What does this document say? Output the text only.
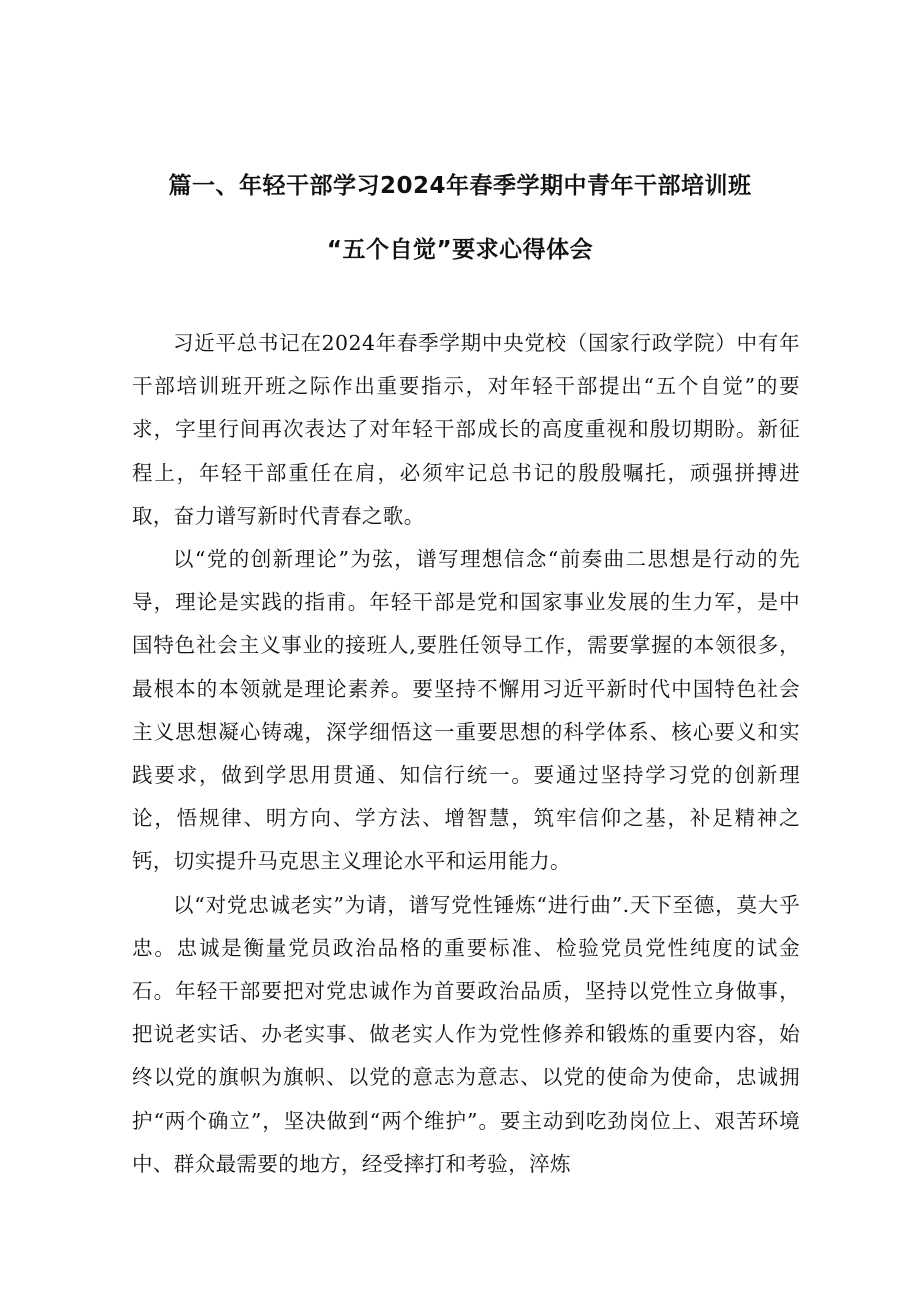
篇一、年轻干部学习2024年春季学期中青年干部培训班

“五个自觉”要求心得体会

习近平总书记在2024年春季学期中央党校（国家行政学院）中有年干部培训班开班之际作出重要指示，对年轻干部提出“五个自觉”的要求，字里行间再次表达了对年轻干部成长的高度重视和殷切期盼。新征程上，年轻干部重任在肩，必须牢记总书记的殷殷嘱托，顽强拼搏进取，奋力谱写新时代青春之歌。

以“党的创新理论”为弦，谱写理想信念“前奏曲二思想是行动的先导，理论是实践的指甫。年轻干部是党和国家事业发展的生力军，是中国特色社会主义事业的接班人,要胜任领导工作，需要掌握的本领很多，最根本的本领就是理论素养。要坚持不懈用习近平新时代中国特色社会主义思想凝心铸魂，深学细悟这一重要思想的科学体系、核心要义和实践要求，做到学思用贯通、知信行统一。要通过坚持学习党的创新理论，悟规律、明方向、学方法、增智慧，筑牢信仰之基，补足精神之钙，切实提升马克思主义理论水平和运用能力。

以“对党忠诚老实”为请，谱写党性锤炼“进行曲”.天下至德，莫大乎忠。忠诚是衡量党员政治品格的重要标准、检验党员党性纯度的试金石。年轻干部要把对党忠诚作为首要政治品质，坚持以党性立身做事，把说老实话、办老实事、做老实人作为党性修养和锻炼的重要内容，始终以党的旗帜为旗帜、以党的意志为意志、以党的使命为使命，忠诚拥护“两个确立”，坚决做到“两个维护”。要主动到吃劲岗位上、艰苦环境中、群众最需要的地方，经受摔打和考验，淬炼
